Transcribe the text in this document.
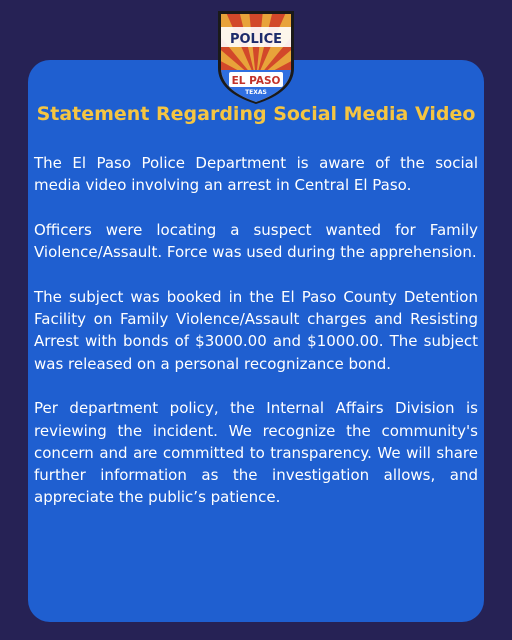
POLICE
EL PASO
TEXAS
Statement Regarding Social Media Video

The El Paso Police Department is aware of the social media video involving an arrest in Central El Paso.

Officers were locating a suspect wanted for Family Violence/Assault. Force was used during the apprehension.

The subject was booked in the El Paso County Detention Facility on Family Violence/Assault charges and Resisting Arrest with bonds of $3000.00 and $1000.00. The subject was released on a personal recognizance bond.

Per department policy, the Internal Affairs Division is reviewing the incident. We recognize the community's concern and are committed to transparency. We will share further information as the investigation allows, and appreciate the public’s patience.
